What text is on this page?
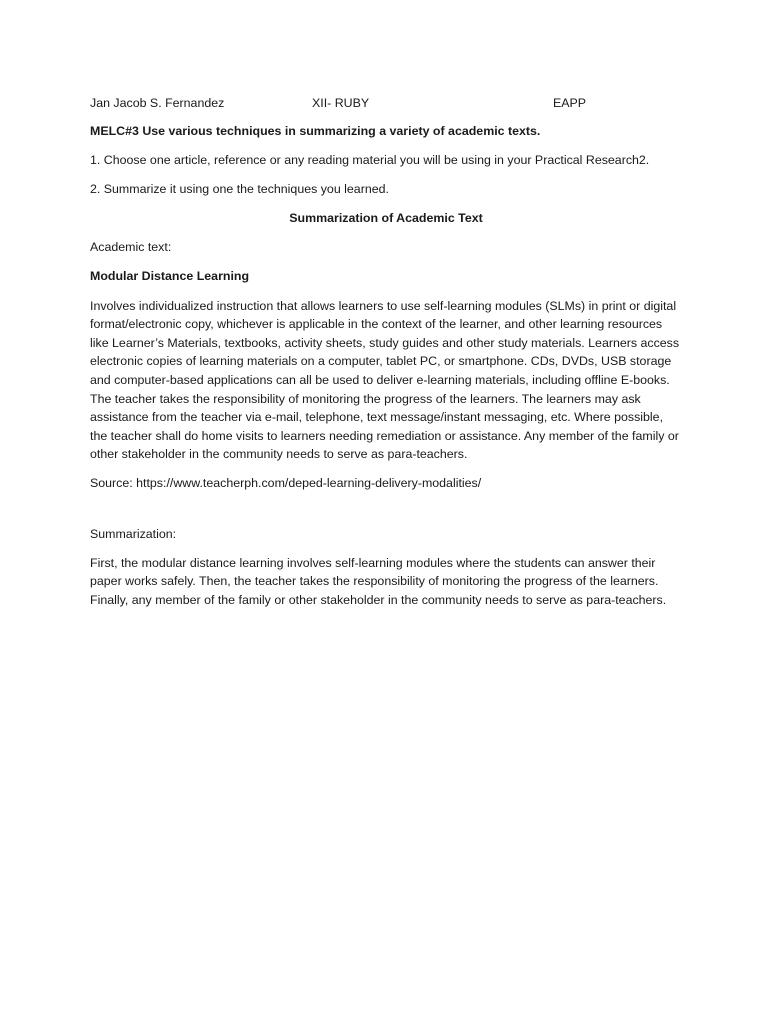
Jan Jacob S. Fernandez	XII- RUBY	EAPP

MELC#3 Use various techniques in summarizing a variety of academic texts.

1. Choose one article, reference or any reading material you will be using in your Practical Research2.

2. Summarize it using one the techniques you learned.

Summarization of Academic Text

Academic text:

Modular Distance Learning

Involves individualized instruction that allows learners to use self-learning modules (SLMs) in print or digital format/electronic copy, whichever is applicable in the context of the learner, and other learning resources like Learner’s Materials, textbooks, activity sheets, study guides and other study materials. Learners access electronic copies of learning materials on a computer, tablet PC, or smartphone. CDs, DVDs, USB storage and computer-based applications can all be used to deliver e-learning materials, including offline E-books. The teacher takes the responsibility of monitoring the progress of the learners. The learners may ask assistance from the teacher via e-mail, telephone, text message/instant messaging, etc. Where possible, the teacher shall do home visits to learners needing remediation or assistance. Any member of the family or other stakeholder in the community needs to serve as para-teachers.

Source: https://www.teacherph.com/deped-learning-delivery-modalities/

Summarization:

First, the modular distance learning involves self-learning modules where the students can answer their paper works safely. Then, the teacher takes the responsibility of monitoring the progress of the learners. Finally, any member of the family or other stakeholder in the community needs to serve as para-teachers.
